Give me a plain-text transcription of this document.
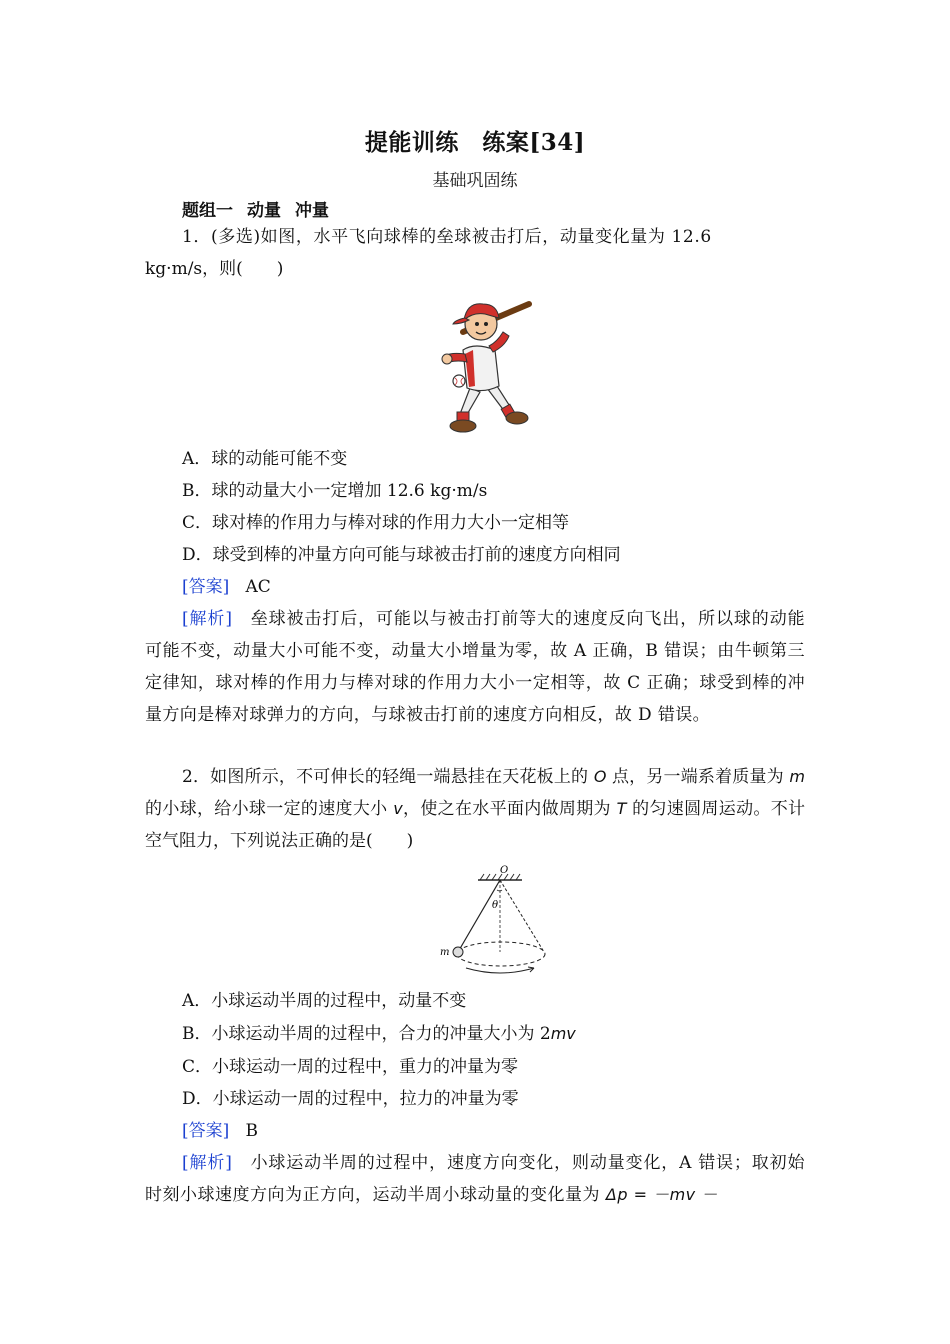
提能训练　练案[34]
基础巩固练
题组一 动量 冲量
1．(多选)如图，水平飞向球棒的垒球被击打后，动量变化量为 12.6
kg·m/s，则(　　)
A．球的动能可能不变
B．球的动量大小一定增加 12.6 kg·m/s
C．球对棒的作用力与棒对球的作用力大小一定相等
D．球受到棒的冲量方向可能与球被击打前的速度方向相同
[答案] AC
[解析]　 垒球被击打后，可能以与被击打前等大的速度反向飞出，所以球的动能可能不变，动量大小可能不变，动量大小增量为零，故 A 正确，B 错误；由牛顿第三定律知，球对棒的作用力与棒对球的作用力大小一定相等，故 C 正确；球受到棒的冲量方向是棒对球弹力的方向，与球被击打前的速度方向相反，故 D 错误。
2．如图所示，不可伸长的轻绳一端悬挂在天花板上的 O 点，另一端系着质量为 m 的小球，给小球一定的速度大小 v，使之在水平面内做周期为 T 的匀速圆周运动。不计空气阻力，下列说法正确的是(　　)
O
θ
m
A．小球运动半周的过程中，动量不变
B．小球运动半周的过程中，合力的冲量大小为 2mv
C．小球运动一周的过程中，重力的冲量为零
D．小球运动一周的过程中，拉力的冲量为零
[答案] B
[解析]　 小球运动半周的过程中，速度方向变化，则动量变化，A 错误；取初始时刻小球速度方向为正方向，运动半周小球动量的变化量为 Δp = －mv －
